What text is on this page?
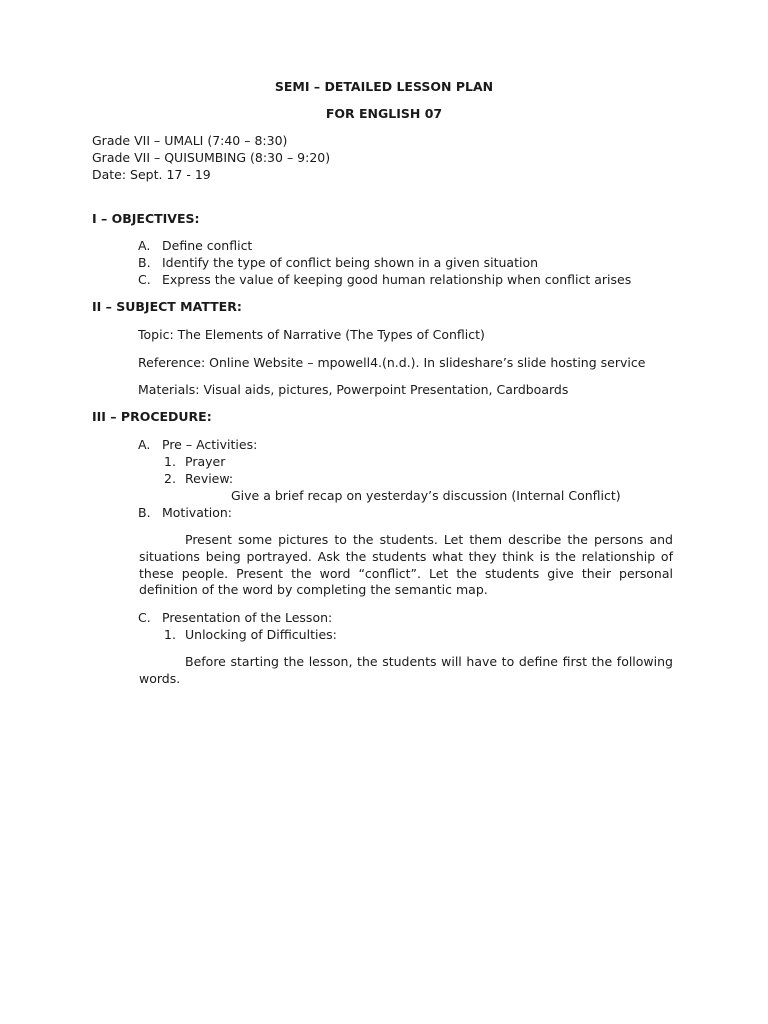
SEMI – DETAILED LESSON PLAN
FOR ENGLISH 07
Grade VII – UMALI (7:40 – 8:30)
Grade VII – QUISUMBING (8:30 – 9:20)
Date: Sept. 17 - 19
I – OBJECTIVES:
A. Define conflict
B. Identify the type of conflict being shown in a given situation
C. Express the value of keeping good human relationship when conflict arises
II – SUBJECT MATTER:
Topic: The Elements of Narrative (The Types of Conflict)
Reference: Online Website – mpowell4.(n.d.). In slideshare’s slide hosting service
Materials: Visual aids, pictures, Powerpoint Presentation, Cardboards
III – PROCEDURE:
A. Pre – Activities:
1. Prayer
2. Review:
Give a brief recap on yesterday’s discussion (Internal Conflict)
B. Motivation:
Present some pictures to the students. Let them describe the persons and situations being portrayed. Ask the students what they think is the relationship of these people. Present the word “conflict”. Let the students give their personal definition of the word by completing the semantic map.
C. Presentation of the Lesson:
1. Unlocking of Difficulties:
Before starting the lesson, the students will have to define first the following words.
